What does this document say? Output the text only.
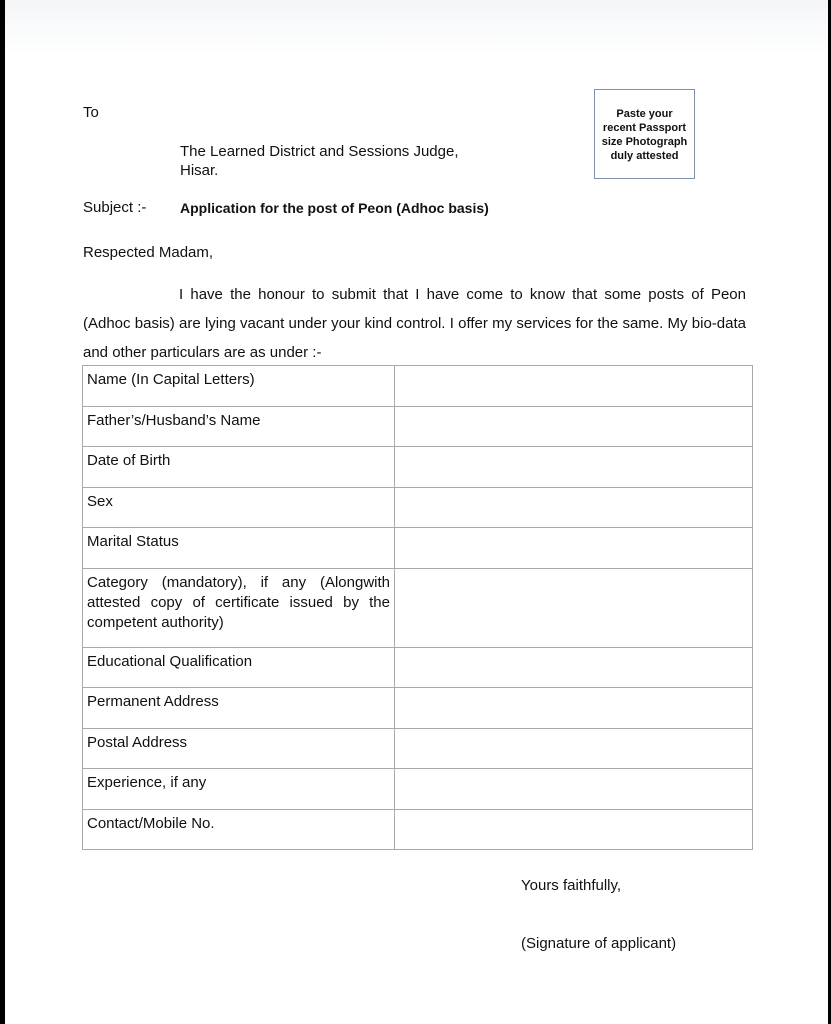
To
The Learned District and Sessions Judge,
Hisar.
Paste your
recent Passport
size Photograph
duly attested
Subject :- Application for the post of Peon (Adhoc basis)
Respected Madam,
I have the honour to submit that I have come to know that some posts of Peon (Adhoc basis) are lying vacant under your kind control. I offer my services for the same. My bio-data and other particulars are as under :-
Name (In Capital Letters)	
Father’s/Husband’s Name	
Date of Birth	
Sex	
Marital Status	
Category (mandatory), if any (Alongwith attested copy of certificate issued by the competent authority)	
Educational Qualification	
Permanent Address	
Postal Address	
Experience, if any	
Contact/Mobile No.	
Yours faithfully,
(Signature of applicant)
